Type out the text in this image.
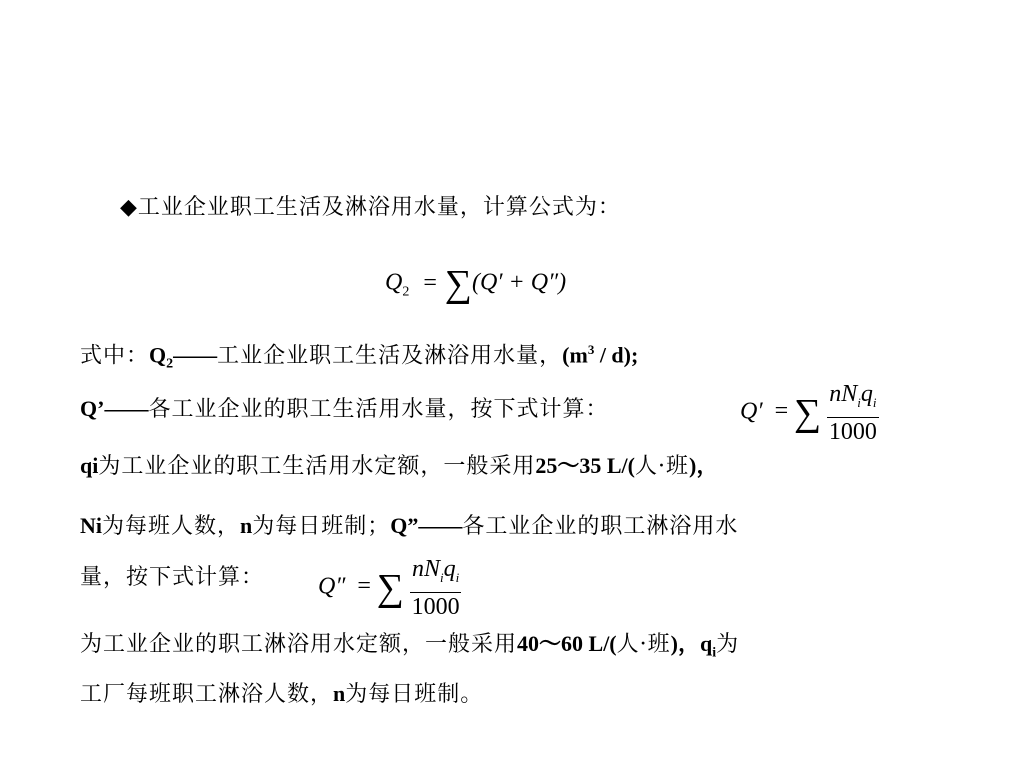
◆工业企业职工生活及淋浴用水量，计算公式为：
$Q_2 = \sum(Q' + Q'')$
式中：$Q_2——$工业企业职工生活及淋浴用水量，$(m^3 / d)$;
Q’——各工业企业的职工生活用水量，按下式计算：	Q′ = ∑ $\frac{nN_iq_i}{1000}$
qi为工业企业的职工生活用水定额，一般采用25～35 L/(人·班)，
Ni为每班人数，n为每日班制；Q”——各工业企业的职工淋浴用水
量，按下式计算： Q″ = ∑ $\frac{nN_iq_i}{1000}$
为工业企业的职工淋浴用水定额，一般采用40～60 L/(人·班)，$q_i$为
工厂每班职工淋浴人数，n为每日班制。
